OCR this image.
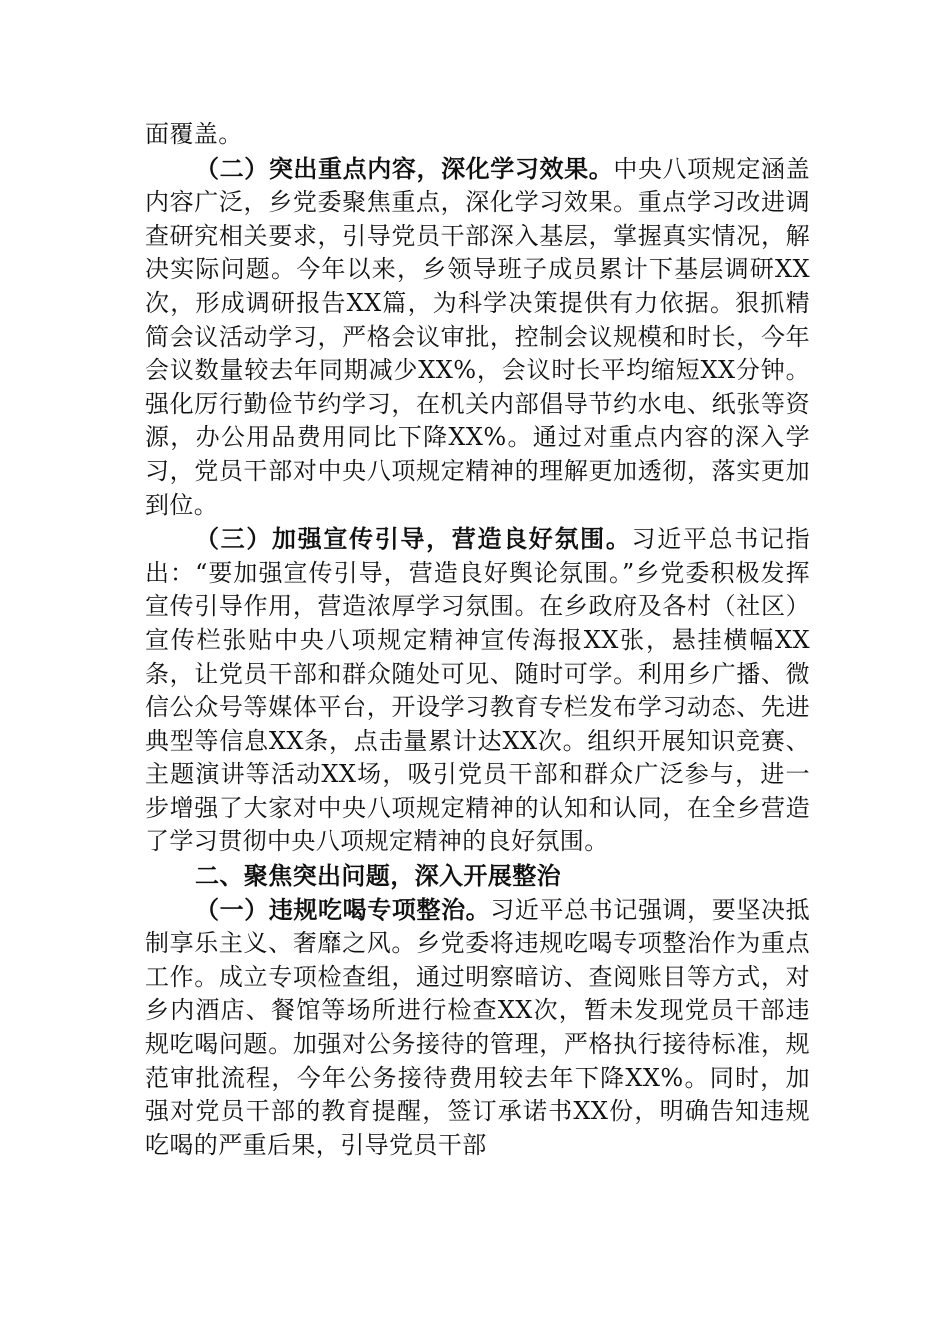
面覆盖。

（二）突出重点内容，深化学习效果。中央八项规定涵盖内容广泛，乡党委聚焦重点，深化学习效果。重点学习改进调查研究相关要求，引导党员干部深入基层，掌握真实情况，解决实际问题。今年以来，乡领导班子成员累计下基层调研XX次，形成调研报告XX篇，为科学决策提供有力依据。狠抓精简会议活动学习，严格会议审批，控制会议规模和时长，今年会议数量较去年同期减少XX%，会议时长平均缩短XX分钟。强化厉行勤俭节约学习，在机关内部倡导节约水电、纸张等资源，办公用品费用同比下降XX%。通过对重点内容的深入学习，党员干部对中央八项规定精神的理解更加透彻，落实更加到位。

（三）加强宣传引导，营造良好氛围。习近平总书记指出：“要加强宣传引导，营造良好舆论氛围。”乡党委积极发挥宣传引导作用，营造浓厚学习氛围。在乡政府及各村（社区）宣传栏张贴中央八项规定精神宣传海报XX张，悬挂横幅XX条，让党员干部和群众随处可见、随时可学。利用乡广播、微信公众号等媒体平台，开设学习教育专栏发布学习动态、先进典型等信息XX条，点击量累计达XX次。组织开展知识竞赛、主题演讲等活动XX场，吸引党员干部和群众广泛参与，进一步增强了大家对中央八项规定精神的认知和认同，在全乡营造了学习贯彻中央八项规定精神的良好氛围。

二、聚焦突出问题，深入开展整治

（一）违规吃喝专项整治。习近平总书记强调，要坚决抵制享乐主义、奢靡之风。乡党委将违规吃喝专项整治作为重点工作。成立专项检查组，通过明察暗访、查阅账目等方式，对乡内酒店、餐馆等场所进行检查XX次，暂未发现党员干部违规吃喝问题。加强对公务接待的管理，严格执行接待标准，规范审批流程，今年公务接待费用较去年下降XX%。同时，加强对党员干部的教育提醒，签订承诺书XX份，明确告知违规吃喝的严重后果，引导党员干部
